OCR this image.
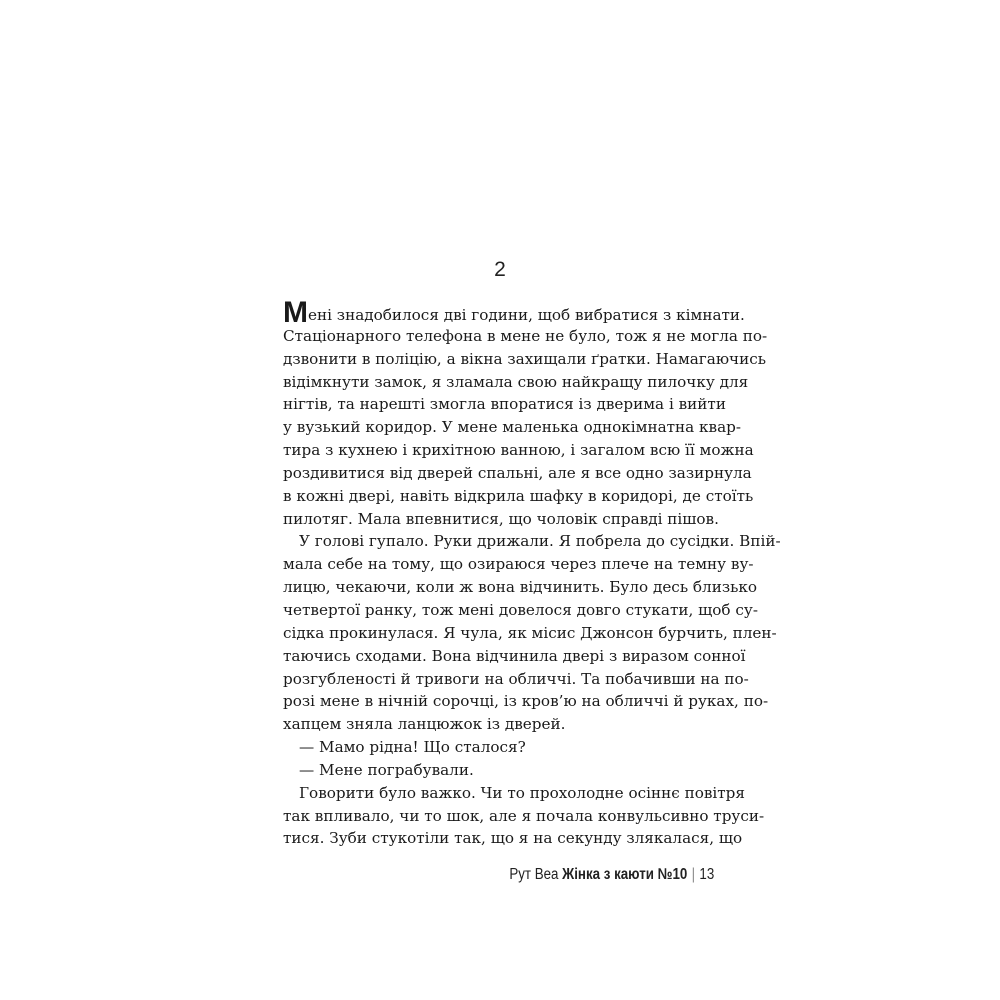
2
Мені знадобилося дві години, щоб вибратися з кімнати.
Стаціонарного телефона в мене не було, тож я не могла по-
дзвонити в поліцію, а вікна захищали ґратки. Намагаючись
відімкнути замок, я зламала свою найкращу пилочку для
нігтів, та нарешті змогла впоратися із дверима і вийти
у вузький коридор. У мене маленька однокімнатна квар-
тира з кухнею і крихітною ванною, і загалом всю її можна
роздивитися від дверей спальні, але я все одно зазирнула
в кожні двері, навіть відкрила шафку в коридорі, де стоїть
пилотяг. Мала впевнитися, що чоловік справді пішов.
У голові гупало. Руки дрижали. Я побрела до сусідки. Впій-
мала себе на тому, що озираюся через плече на темну ву-
лицю, чекаючи, коли ж вона відчинить. Було десь близько
четвертої ранку, тож мені довелося довго стукати, щоб су-
сідка прокинулася. Я чула, як місис Джонсон бурчить, плен-
таючись сходами. Вона відчинила двері з виразом сонної
розгубленості й тривоги на обличчі. Та побачивши на по-
розі мене в нічній сорочці, із кров’ю на обличчі й руках, по-
хапцем зняла ланцюжок із дверей.
— Мамо рідна! Що сталося?
— Мене пограбували.
Говорити було важко. Чи то прохолодне осіннє повітря
так впливало, чи то шок, але я почала конвульсивно труси-
тися. Зуби стукотіли так, що я на секунду злякалася, що
Рут Веа Жінка з каюти №10 | 13
